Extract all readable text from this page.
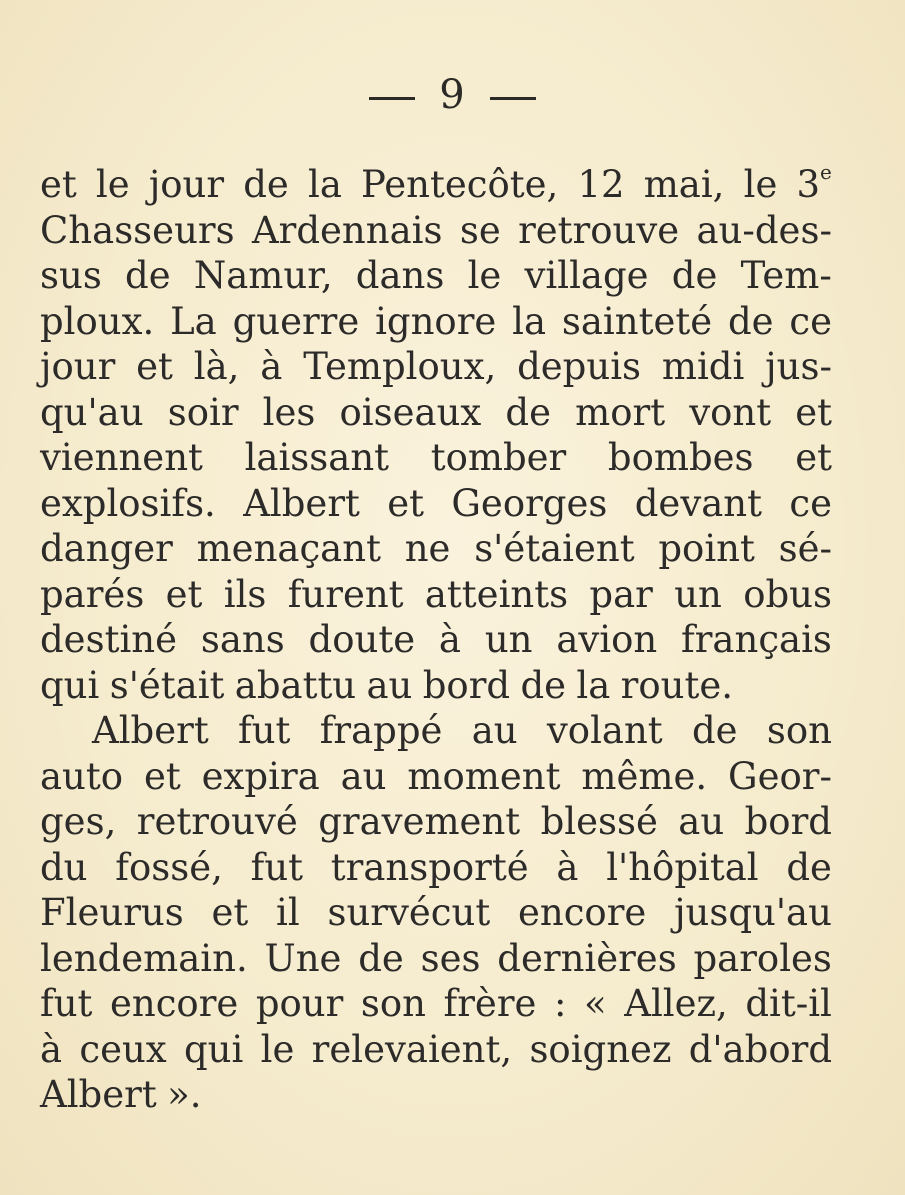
9
et le jour de la Pentecôte, 12 mai, le 3e
Chasseurs Ardennais se retrouve au-des-
sus de Namur, dans le village de Tem-
ploux. La guerre ignore la sainteté de ce
jour et là, à Temploux, depuis midi jus-
qu'au soir les oiseaux de mort vont et
viennent laissant tomber bombes et
explosifs. Albert et Georges devant ce
danger menaçant ne s'étaient point sé-
parés et ils furent atteints par un obus
destiné sans doute à un avion français
qui s'était abattu au bord de la route.
Albert fut frappé au volant de son
auto et expira au moment même. Geor-
ges, retrouvé gravement blessé au bord
du fossé, fut transporté à l'hôpital de
Fleurus et il survécut encore jusqu'au
lendemain. Une de ses dernières paroles
fut encore pour son frère : « Allez, dit-il
à ceux qui le relevaient, soignez d'abord
Albert ».
